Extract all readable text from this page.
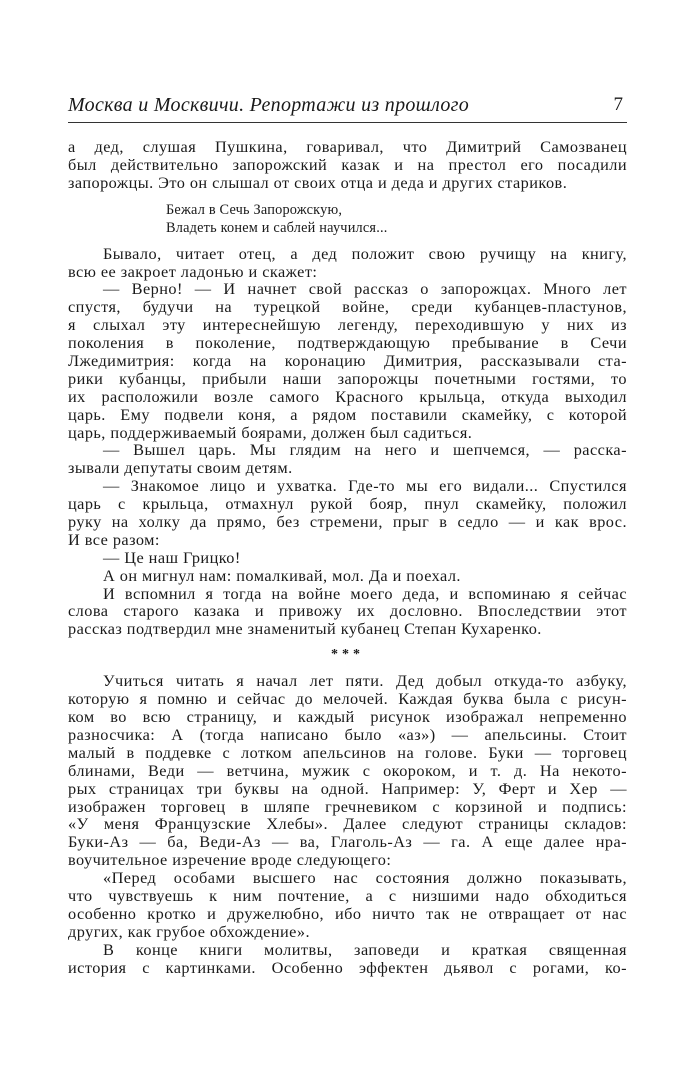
Москва и Москвичи. Репортажи из прошлого	7
а дед, слушая Пушкина, говаривал, что Димитрий Самозванец
был действительно запорожский казак и на престол его посадили
запорожцы. Это он слышал от своих отца и деда и других стариков.
Бежал в Сечь Запорожскую,
Владеть конем и саблей научился...
Бывало, читает отец, а дед положит свою ручищу на книгу,
всю ее закроет ладонью и скажет:
— Верно! — И начнет свой рассказ о запорожцах. Много лет
спустя, будучи на турецкой войне, среди кубанцев-пластунов,
я слыхал эту интереснейшую легенду, переходившую у них из
поколения в поколение, подтверждающую пребывание в Сечи
Лжедимитрия: когда на коронацию Димитрия, рассказывали ста-
рики кубанцы, прибыли наши запорожцы почетными гостями, то
их расположили возле самого Красного крыльца, откуда выходил
царь. Ему подвели коня, а рядом поставили скамейку, с которой
царь, поддерживаемый боярами, должен был садиться.
— Вышел царь. Мы глядим на него и шепчемся, — расска-
зывали депутаты своим детям.
— Знакомое лицо и ухватка. Где-то мы его видали... Спустился
царь с крыльца, отмахнул рукой бояр, пнул скамейку, положил
руку на холку да прямо, без стремени, прыг в седло — и как врос.
И все разом:
— Це наш Грицко!
А он мигнул нам: помалкивай, мол. Да и поехал.
И вспомнил я тогда на войне моего деда, и вспоминаю я сейчас
слова старого казака и привожу их дословно. Впоследствии этот
рассказ подтвердил мне знаменитый кубанец Степан Кухаренко.
***
Учиться читать я начал лет пяти. Дед добыл откуда-то азбуку,
которую я помню и сейчас до мелочей. Каждая буква была с рисун-
ком во всю страницу, и каждый рисунок изображал непременно
разносчика: А (тогда написано было «аз») — апельсины. Стоит
малый в поддевке с лотком апельсинов на голове. Буки — торговец
блинами, Веди — ветчина, мужик с окороком, и т. д. На некото-
рых страницах три буквы на одной. Например: У, Ферт и Хер —
изображен торговец в шляпе гречневиком с корзиной и подпись:
«У меня Французские Хлебы». Далее следуют страницы складов:
Буки-Аз — ба, Веди-Аз — ва, Глаголь-Аз — га. А еще далее нра-
воучительное изречение вроде следующего:
«Перед особами высшего нас состояния должно показывать,
что чувствуешь к ним почтение, а с низшими надо обходиться
особенно кротко и дружелюбно, ибо ничто так не отвращает от нас
других, как грубое обхождение».
В конце книги молитвы, заповеди и краткая священная
история с картинками. Особенно эффектен дьявол с рогами, ко-
